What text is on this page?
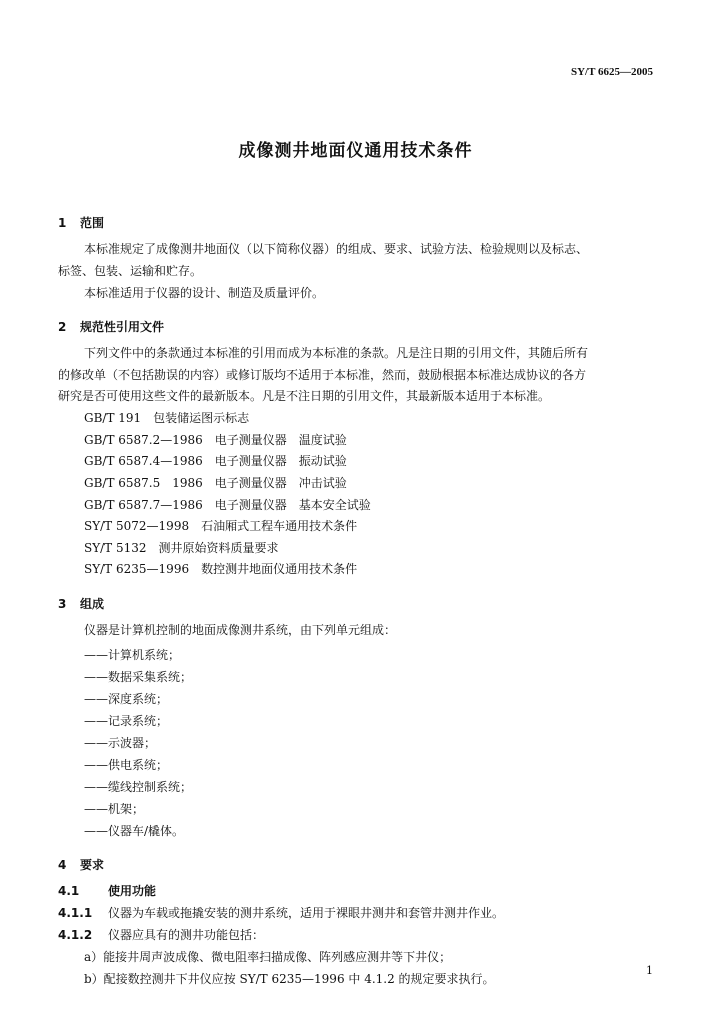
SY/T 6625—2005
成像测井地面仪通用技术条件
1 范围
本标准规定了成像测井地面仪（以下简称仪器）的组成、要求、试验方法、检验规则以及标志、
标签、包装、运输和贮存。
本标准适用于仪器的设计、制造及质量评价。
2 规范性引用文件
下列文件中的条款通过本标准的引用而成为本标准的条款。凡是注日期的引用文件，其随后所有
的修改单（不包括勘误的内容）或修订版均不适用于本标准，然而，鼓励根据本标准达成协议的各方
研究是否可使用这些文件的最新版本。凡是不注日期的引用文件，其最新版本适用于本标准。
GB/T 191　包装储运图示标志
GB/T 6587.2—1986　电子测量仪器　温度试验
GB/T 6587.4—1986　电子测量仪器　振动试验
GB/T 6587.5　1986　电子测量仪器　冲击试验
GB/T 6587.7—1986　电子测量仪器　基本安全试验
SY/T 5072—1998　石油厢式工程车通用技术条件
SY/T 5132　测井原始资料质量要求
SY/T 6235—1996　数控测井地面仪通用技术条件
3 组成
仪器是计算机控制的地面成像测井系统，由下列单元组成：
——计算机系统；
——数据采集系统；
——深度系统；
——记录系统；
——示波器；
——供电系统；
——缆线控制系统；
——机架；
——仪器车/橇体。
4 要求
4.1 使用功能
4.1.1 仪器为车载或拖撬安装的测井系统，适用于裸眼井测井和套管井测井作业。
4.1.2 仪器应具有的测井功能包括：
a）能接井周声波成像、微电阻率扫描成像、阵列感应测井等下井仪；
b）配接数控测井下井仪应按 SY/T 6235—1996 中 4.1.2 的规定要求执行。
1
